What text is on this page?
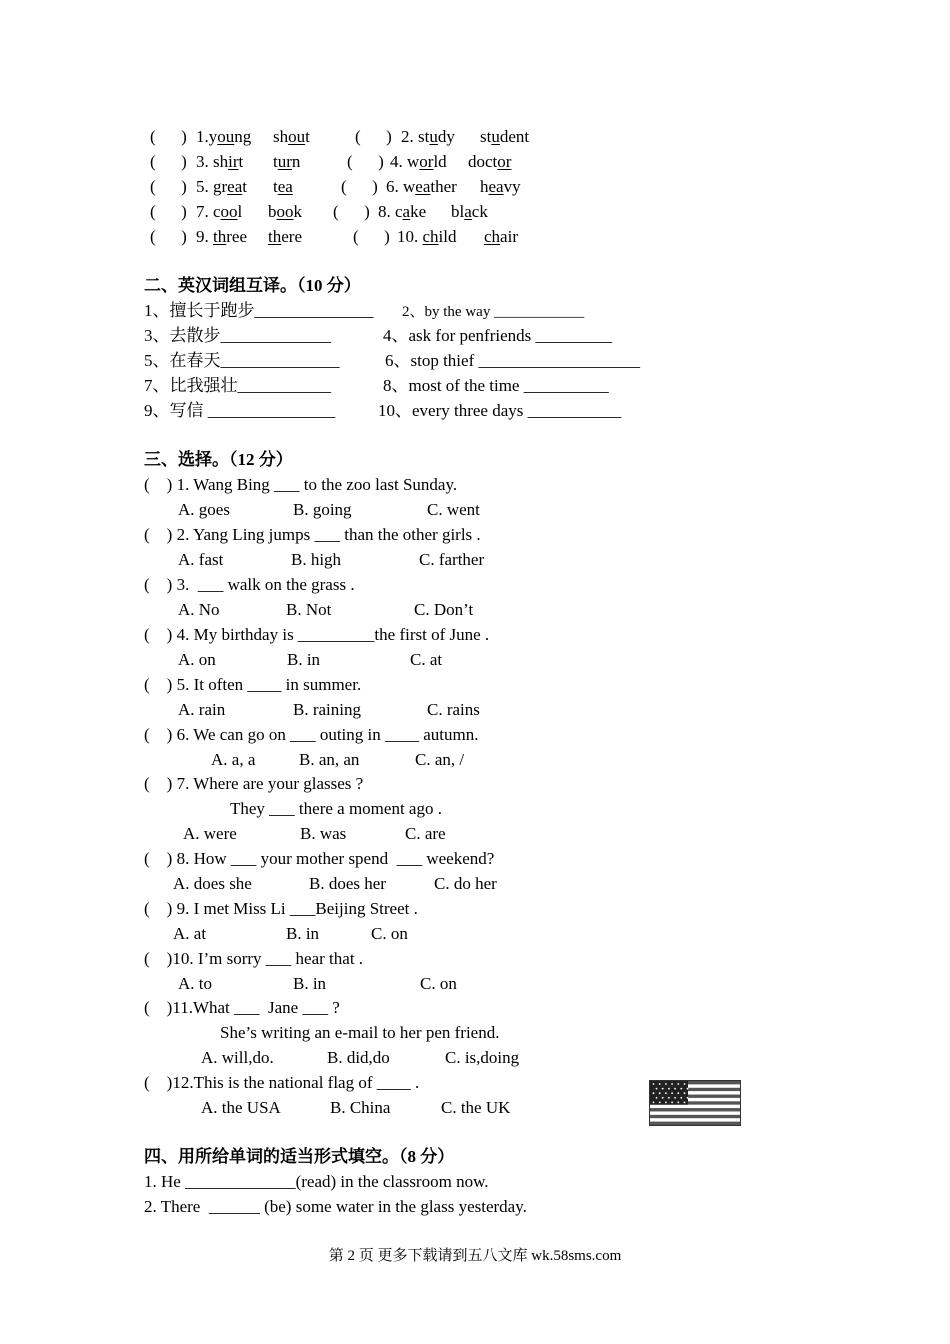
(      ) 1.young shout	(      ) 2. study student
(      ) 3. shirt turn	(      ) 4. world doctor
(      ) 5. great tea	(      ) 6. weather heavy
(      ) 7. cool book (      ) 8. cake black
(      ) 9. three there	(      ) 10. child chair
二、英汉词组互译。（10 分）
1、擅长于跑步______________ 2、by the way ____________
3、去散步_____________	4、ask for penfriends _________
5、在春天______________	6、stop thief ___________________
7、比我强壮___________	8、most of the time __________
9、写信 _______________	10、every three days ___________
三、选择。（12 分）
(    ) 1. Wang Bing ___ to the zoo last Sunday.
A. goes	B. going	C. went
(    ) 2. Yang Ling jumps ___ than the other girls .
A. fast	B. high	C. farther
(    ) 3.  ___ walk on the grass .
A. No	B. Not	C. Don’t
(    ) 4. My birthday is _________the first of June .
A. on	B. in	C. at
(    ) 5. It often ____ in summer.
A. rain	B. raining	C. rains
(    ) 6. We can go on ___ outing in ____ autumn.
A. a, a	B. an, an	C. an, /
(    ) 7. Where are your glasses ?
They ___ there a moment ago .
A. were	B. was	C. are
(    ) 8. How ___ your mother spend  ___ weekend?
A. does she	B. does her	C. do her
(    ) 9. I met Miss Li ___Beijing Street .
A. at	B. in	C. on
(    )10. I’m sorry ___ hear that .
A. to	B. in	C. on
(    )11.What ___  Jane ___ ?
She’s writing an e-mail to her pen friend.
A. will,do.	B. did,do	C. is,doing
(    )12.This is the national flag of ____ .
A. the USA	B. China	C. the UK
四、用所给单词的适当形式填空。（8 分）
1. He _____________(read) in the classroom now.
2. There  ______ (be) some water in the glass yesterday.
第 2 页 更多下载请到五八文库 wk.58sms.com
